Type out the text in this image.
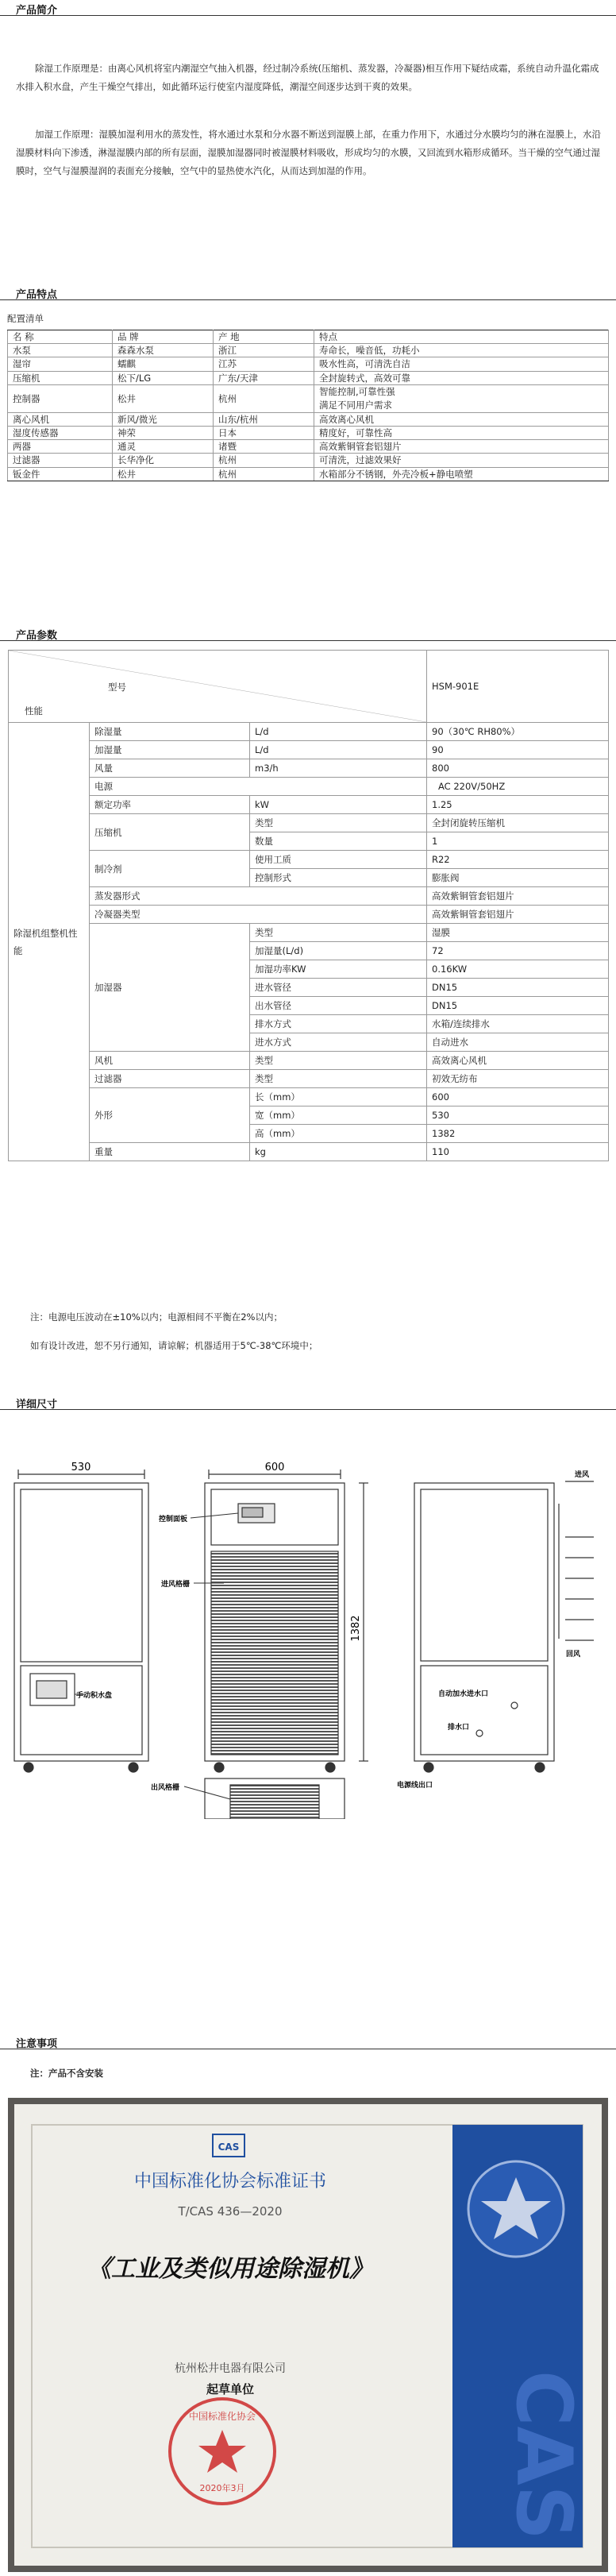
产品简介

除湿工作原理是：由离心风机将室内潮湿空气抽入机器，经过制冷系统(压缩机、蒸发器，冷凝器)相互作用下疑结成霜，系统自动升温化霜成水排入积水盘，产生干燥空气排出，如此循环运行使室内湿度降低，潮湿空间逐步达到干爽的效果。

加湿工作原理：湿膜加湿利用水的蒸发性，将水通过水泵和分水器不断送到湿膜上部，在重力作用下，水通过分水膜均匀的淋在湿膜上，水沿湿膜材料向下渗透，淋湿湿膜内部的所有层面，湿膜加湿器同时被湿膜材料吸收，形成均匀的水膜，又回流到水箱形成循环。当干燥的空气通过湿膜时，空气与湿膜湿润的表面充分接触，空气中的显热使水汽化，从而达到加湿的作用。

产品特点
配置清单
名 称	品 牌	产 地	特点
水泵	森森水泵	浙江	寿命长，噪音低，功耗小
湿帘	蠕麒	江苏	吸水性高，可清洗自洁
压缩机	松下/LG	广东/天津	全封旋转式，高效可靠
控制器	松井	杭州	智能控制,可靠性强
满足不同用户需求
离心风机	新风/微光	山东/杭州	高效离心风机
湿度传感器	神荣	日本	精度好，可靠性高
两器	通灵	诸暨	高效紫铜管套铝翅片
过滤器	长华净化	杭州	可清洗，过滤效果好
钣金件	松井	杭州	水箱部分不锈钢，外壳冷板+静电喷塑
产品参数
型号
性能			HSM-901E
除湿机组整机性能	除湿量	L/d	90（30℃ RH80%）
	加湿量	L/d	90
	风量	m3/h	800
	电源		AC 220V/50HZ
	额定功率	kW	1.25
	压缩机	类型	全封闭旋转压缩机
		数量	1
	制冷剂	使用工质	R22
		控制形式	膨胀阀
	蒸发器形式		高效紫铜管套铝翅片
	冷凝器类型		高效紫铜管套铝翅片
	加湿器	类型	湿膜
		加湿量(L/d)	72
		加湿功率KW	0.16KW
		进水管径	DN15
		出水管径	DN15
		排水方式	水箱/连续排水
		进水方式	自动进水
	风机	类型	高效离心风机
	过滤器	类型	初效无纺布
	外形	长（mm）	600
		宽（mm）	530
		高（mm）	1382
	重量	kg	110
注：电源电压波动在±10%以内；电源相间不平衡在2%以内；
如有设计改进，恕不另行通知，请谅解；机器适用于5℃-38℃环境中；
详细尺寸
530
手动积水盘
600
1382
控制面板
进风格栅
进风
回风
自动加水进水口
排水口
电源线出口
出风格栅
注意事项
注：产品不含安装
CAS
CAS
中国标准化协会标准证书
T/CAS 436—2020
《工业及类似用途除湿机》
杭州松井电器有限公司
起草单位
中国标准化协会
2020年3月
